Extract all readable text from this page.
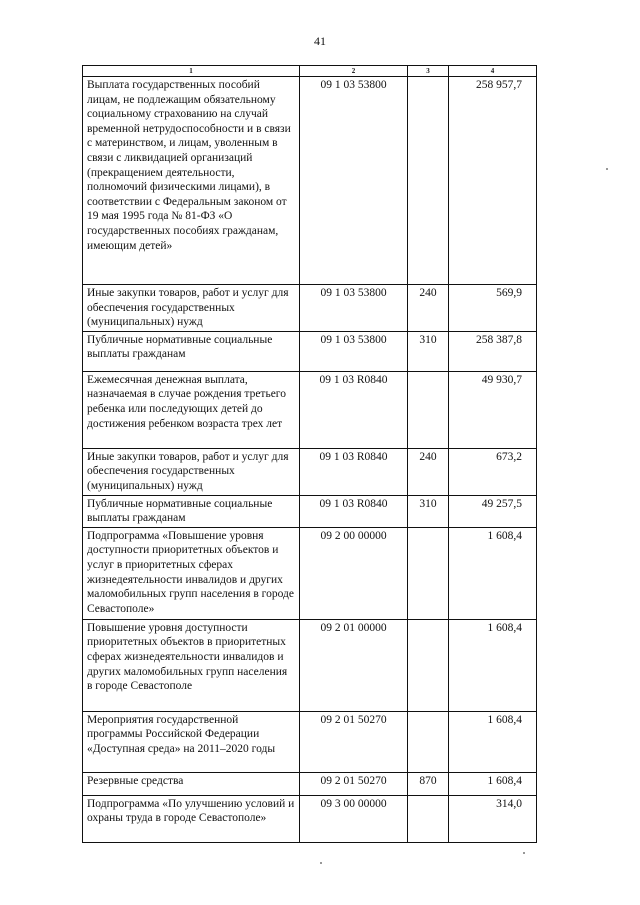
41
1	2	3	4
Выплата государственных пособий лицам, не подлежащим обязательному социальному страхованию на случай временной нетрудоспособности и в связи с материнством, и лицам, уволенным в связи с ликвидацией организаций (прекращением деятельности, полномочий физическими лицами), в соответствии с Федеральным законом от 19 мая 1995 года № 81-ФЗ «О государственных пособиях гражданам, имеющим детей»	09 1 03 53800		258 957,7
Иные закупки товаров, работ и услуг для обеспечения государственных (муниципальных) нужд	09 1 03 53800	240	569,9
Публичные нормативные социальные выплаты гражданам	09 1 03 53800	310	258 387,8
Ежемесячная денежная выплата, назначаемая в случае рождения третьего ребенка или последующих детей до достижения ребенком возраста трех лет	09 1 03 R0840		49 930,7
Иные закупки товаров, работ и услуг для обеспечения государственных (муниципальных) нужд	09 1 03 R0840	240	673,2
Публичные нормативные социальные выплаты гражданам	09 1 03 R0840	310	49 257,5
Подпрограмма «Повышение уровня доступности приоритетных объектов и услуг в приоритетных сферах жизнедеятельности инвалидов и других маломобильных групп населения в городе Севастополе»	09 2 00 00000		1 608,4
Повышение уровня доступности приоритетных объектов в приоритетных сферах жизнедеятельности инвалидов и других маломобильных групп населения в городе Севастополе	09 2 01 00000		1 608,4
Мероприятия государственной программы Российской Федерации «Доступная среда» на 2011–2020 годы	09 2 01 50270		1 608,4
Резервные средства	09 2 01 50270	870	1 608,4
Подпрограмма «По улучшению условий и охраны труда в городе Севастополе»	09 3 00 00000		314,0
